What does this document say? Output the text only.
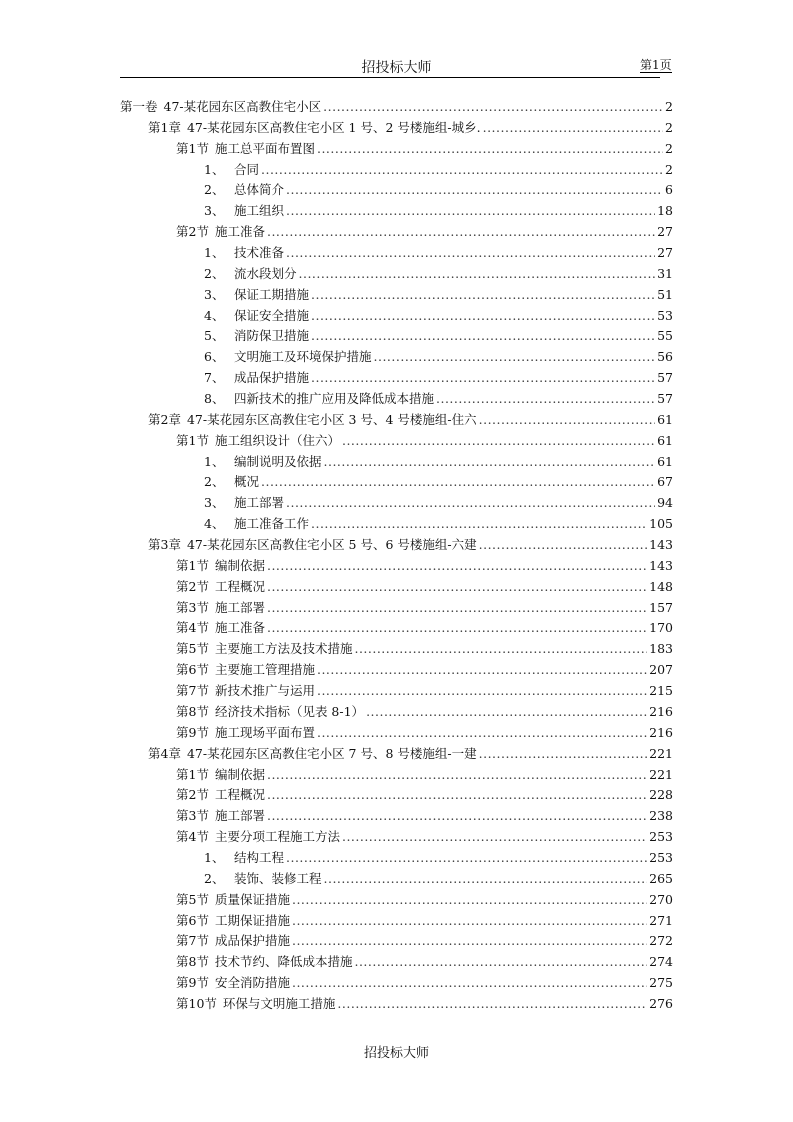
招投标大师	第1页
第一卷 47-某花园东区高教住宅小区 .....	2
第1章 47-某花园东区高教住宅小区 1 号、2 号楼施组-城乡. .....	2
第1节 施工总平面布置图 .....	2
1、 合同 .....	2
2、 总体简介 .....	6
3、 施工组织 .....	18
第2节 施工准备 .....	27
1、 技术准备 .....	27
2、 流水段划分 .....	31
3、 保证工期措施 .....	51
4、 保证安全措施 .....	53
5、 消防保卫措施 .....	55
6、 文明施工及环境保护措施 .....	56
7、 成品保护措施 .....	57
8、 四新技术的推广应用及降低成本措施 .....	57
第2章 47-某花园东区高教住宅小区 3 号、4 号楼施组-住六 .....	61
第1节 施工组织设计（住六） .....	61
1、 编制说明及依据 .....	61
2、 概况 .....	67
3、 施工部署 .....	94
4、 施工准备工作 .....	105
第3章 47-某花园东区高教住宅小区 5 号、6 号楼施组-六建 .....	143
第1节 编制依据 .....	143
第2节 工程概况 .....	148
第3节 施工部署 .....	157
第4节 施工准备 .....	170
第5节 主要施工方法及技术措施 .....	183
第6节 主要施工管理措施 .....	207
第7节 新技术推广与运用 .....	215
第8节 经济技术指标（见表 8-1） .....	216
第9节 施工现场平面布置 .....	216
第4章 47-某花园东区高教住宅小区 7 号、8 号楼施组-一建 .....	221
第1节 编制依据 .....	221
第2节 工程概况 .....	228
第3节 施工部署 .....	238
第4节 主要分项工程施工方法 .....	253
1、 结构工程 .....	253
2、 装饰、装修工程 .....	265
第5节 质量保证措施 .....	270
第6节 工期保证措施 .....	271
第7节 成品保护措施 .....	272
第8节 技术节约、降低成本措施 .....	274
第9节 安全消防措施 .....	275
第10节 环保与文明施工措施 .....	276
招投标大师
